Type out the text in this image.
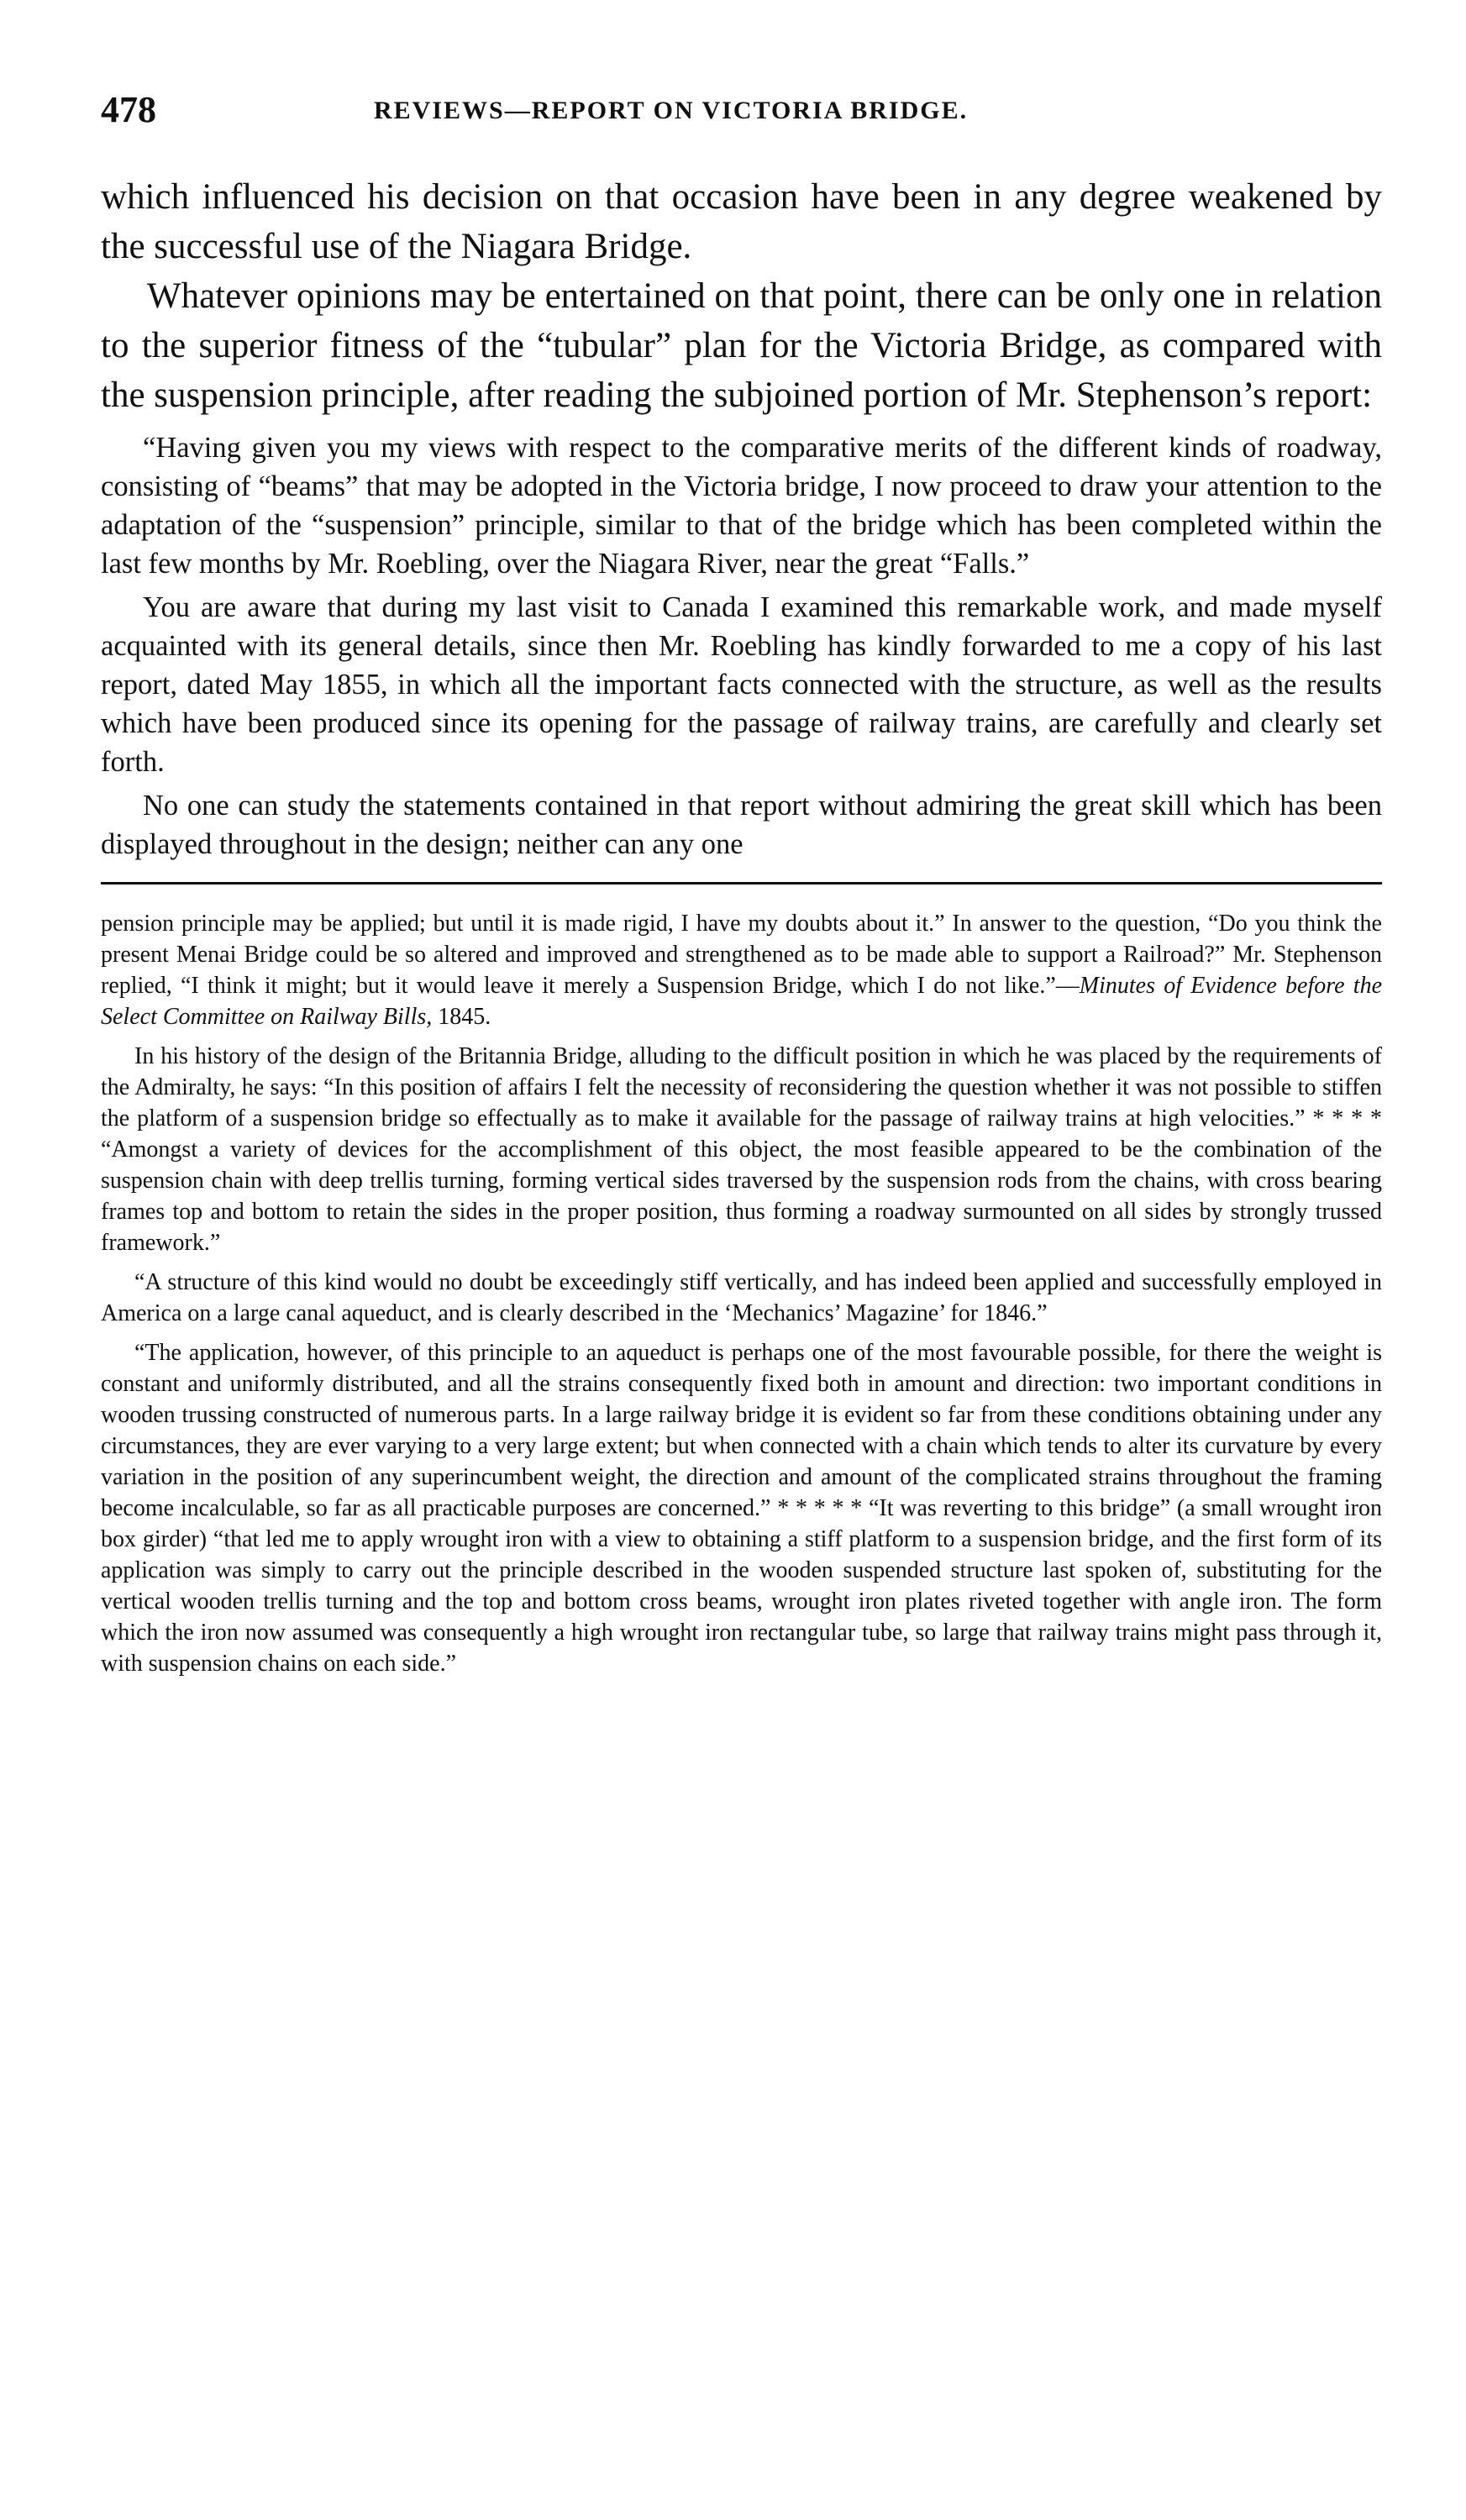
478	REVIEWS—REPORT ON VICTORIA BRIDGE.

which influenced his decision on that occasion have been in any degree weakened by the successful use of the Niagara Bridge.

Whatever opinions may be entertained on that point, there can be only one in relation to the superior fitness of the “tubular” plan for the Victoria Bridge, as compared with the suspension principle, after reading the subjoined portion of Mr. Stephenson’s report:

“Having given you my views with respect to the comparative merits of the different kinds of roadway, consisting of “beams” that may be adopted in the Victoria bridge, I now proceed to draw your attention to the adaptation of the “suspension” principle, similar to that of the bridge which has been completed within the last few months by Mr. Roebling, over the Niagara River, near the great “Falls.”

You are aware that during my last visit to Canada I examined this remarkable work, and made myself acquainted with its general details, since then Mr. Roebling has kindly forwarded to me a copy of his last report, dated May 1855, in which all the important facts connected with the structure, as well as the results which have been produced since its opening for the passage of railway trains, are carefully and clearly set forth.

No one can study the statements contained in that report without admiring the great skill which has been displayed throughout in the design; neither can any one

pension principle may be applied; but until it is made rigid, I have my doubts about it.” In answer to the question, “Do you think the present Menai Bridge could be so altered and improved and strengthened as to be made able to support a Railroad?” Mr. Stephenson replied, “I think it might; but it would leave it merely a Suspension Bridge, which I do not like.”—Minutes of Evidence before the Select Committee on Railway Bills, 1845.

In his history of the design of the Britannia Bridge, alluding to the difficult position in which he was placed by the requirements of the Admiralty, he says: “In this position of affairs I felt the necessity of reconsidering the question whether it was not possible to stiffen the platform of a suspension bridge so effectually as to make it available for the passage of railway trains at high velocities.” * * * * “Amongst a variety of devices for the accomplishment of this object, the most feasible appeared to be the combination of the suspension chain with deep trellis turning, forming vertical sides traversed by the suspension rods from the chains, with cross bearing frames top and bottom to retain the sides in the proper position, thus forming a roadway surmounted on all sides by strongly trussed framework.”

“A structure of this kind would no doubt be exceedingly stiff vertically, and has indeed been applied and successfully employed in America on a large canal aqueduct, and is clearly described in the ‘Mechanics’ Magazine’ for 1846.”

“The application, however, of this principle to an aqueduct is perhaps one of the most favourable possible, for there the weight is constant and uniformly distributed, and all the strains consequently fixed both in amount and direction: two important conditions in wooden trussing constructed of numerous parts. In a large railway bridge it is evident so far from these conditions obtaining under any circumstances, they are ever varying to a very large extent; but when connected with a chain which tends to alter its curvature by every variation in the position of any superincumbent weight, the direction and amount of the complicated strains throughout the framing become incalculable, so far as all practicable purposes are concerned.” * * * * * “It was reverting to this bridge” (a small wrought iron box girder) “that led me to apply wrought iron with a view to obtaining a stiff platform to a suspension bridge, and the first form of its application was simply to carry out the principle described in the wooden suspended structure last spoken of, substituting for the vertical wooden trellis turning and the top and bottom cross beams, wrought iron plates riveted together with angle iron. The form which the iron now assumed was consequently a high wrought iron rectangular tube, so large that railway trains might pass through it, with suspension chains on each side.”
